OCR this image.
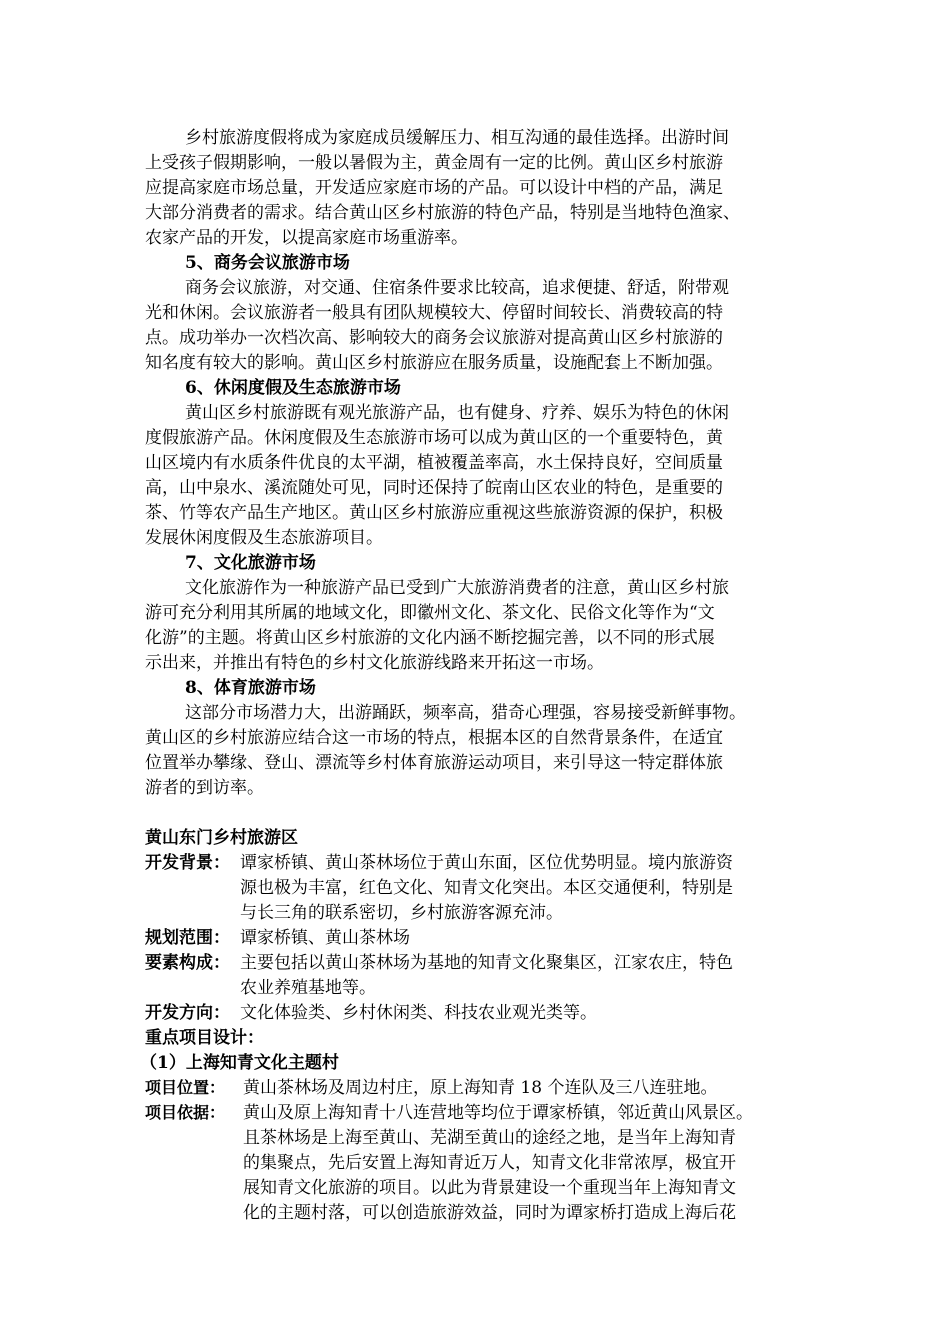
乡村旅游度假将成为家庭成员缓解压力、相互沟通的最佳选择。出游时间
上受孩子假期影响，一般以暑假为主，黄金周有一定的比例。黄山区乡村旅游
应提高家庭市场总量，开发适应家庭市场的产品。可以设计中档的产品，满足
大部分消费者的需求。结合黄山区乡村旅游的特色产品，特别是当地特色渔家、
农家产品的开发，以提高家庭市场重游率。
5、商务会议旅游市场
商务会议旅游，对交通、住宿条件要求比较高，追求便捷、舒适，附带观
光和休闲。会议旅游者一般具有团队规模较大、停留时间较长、消费较高的特
点。成功举办一次档次高、影响较大的商务会议旅游对提高黄山区乡村旅游的
知名度有较大的影响。黄山区乡村旅游应在服务质量，设施配套上不断加强。
6、休闲度假及生态旅游市场
黄山区乡村旅游既有观光旅游产品，也有健身、疗养、娱乐为特色的休闲
度假旅游产品。休闲度假及生态旅游市场可以成为黄山区的一个重要特色，黄
山区境内有水质条件优良的太平湖，植被覆盖率高，水土保持良好，空间质量
高，山中泉水、溪流随处可见，同时还保持了皖南山区农业的特色，是重要的
茶、竹等农产品生产地区。黄山区乡村旅游应重视这些旅游资源的保护，积极
发展休闲度假及生态旅游项目。
7、文化旅游市场
文化旅游作为一种旅游产品已受到广大旅游消费者的注意，黄山区乡村旅
游可充分利用其所属的地域文化，即徽州文化、茶文化、民俗文化等作为“文
化游”的主题。将黄山区乡村旅游的文化内涵不断挖掘完善，以不同的形式展
示出来，并推出有特色的乡村文化旅游线路来开拓这一市场。
8、体育旅游市场
这部分市场潜力大，出游踊跃，频率高，猎奇心理强，容易接受新鲜事物。
黄山区的乡村旅游应结合这一市场的特点，根据本区的自然背景条件，在适宜
位置举办攀缘、登山、漂流等乡村体育旅游运动项目，来引导这一特定群体旅
游者的到访率。
黄山东门乡村旅游区
开发背景： 谭家桥镇、黄山茶林场位于黄山东面，区位优势明显。境内旅游资
源也极为丰富，红色文化、知青文化突出。本区交通便利，特别是
与长三角的联系密切，乡村旅游客源充沛。
规划范围： 谭家桥镇、黄山茶林场
要素构成： 主要包括以黄山茶林场为基地的知青文化聚集区，江家农庄，特色
农业养殖基地等。
开发方向： 文化体验类、乡村休闲类、科技农业观光类等。
重点项目设计：
（1）上海知青文化主题村
项目位置： 黄山茶林场及周边村庄，原上海知青 18 个连队及三八连驻地。
项目依据： 黄山及原上海知青十八连营地等均位于谭家桥镇，邻近黄山风景区。
且茶林场是上海至黄山、芜湖至黄山的途经之地，是当年上海知青
的集聚点，先后安置上海知青近万人，知青文化非常浓厚，极宜开
展知青文化旅游的项目。以此为背景建设一个重现当年上海知青文
化的主题村落，可以创造旅游效益，同时为谭家桥打造成上海后花
